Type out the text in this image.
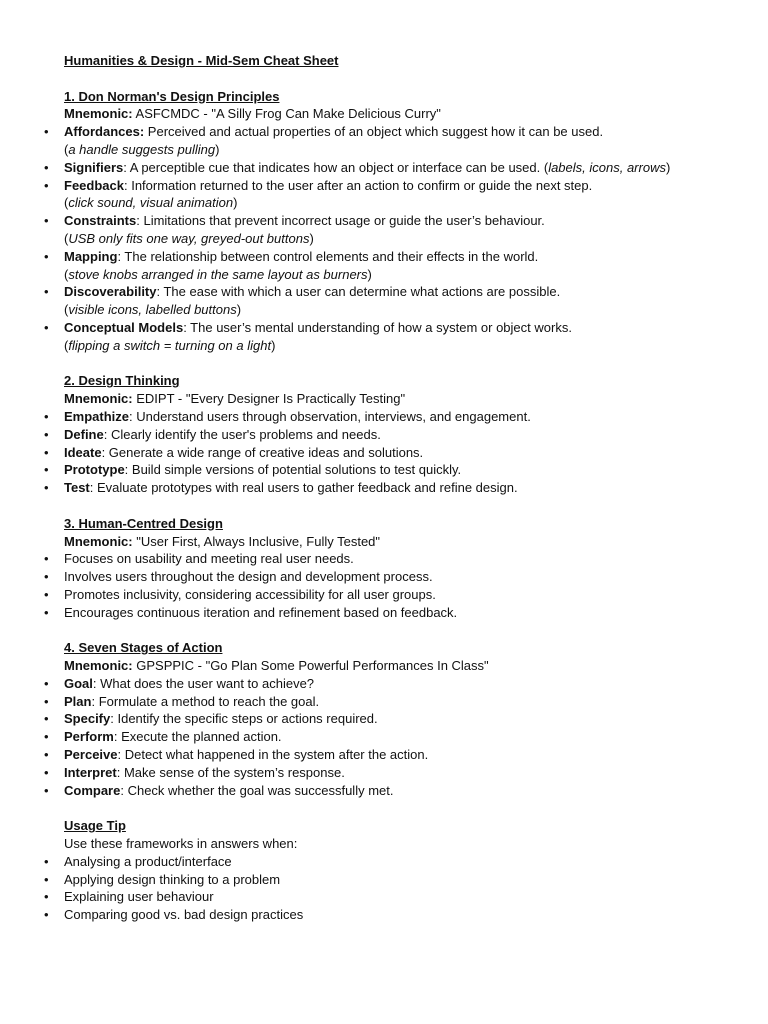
Humanities & Design - Mid-Sem Cheat Sheet
1. Don Norman's Design Principles
Mnemonic: ASFCMDC - "A Silly Frog Can Make Delicious Curry"
• Affordances: Perceived and actual properties of an object which suggest how it can be used.
(a handle suggests pulling)
• Signifiers: A perceptible cue that indicates how an object or interface can be used. (labels, icons, arrows)
• Feedback: Information returned to the user after an action to confirm or guide the next step.
(click sound, visual animation)
• Constraints: Limitations that prevent incorrect usage or guide the user’s behaviour.
(USB only fits one way, greyed-out buttons)
• Mapping: The relationship between control elements and their effects in the world.
(stove knobs arranged in the same layout as burners)
• Discoverability: The ease with which a user can determine what actions are possible.
(visible icons, labelled buttons)
• Conceptual Models: The user’s mental understanding of how a system or object works.
(flipping a switch = turning on a light)
2. Design Thinking
Mnemonic: EDIPT - "Every Designer Is Practically Testing"
• Empathize: Understand users through observation, interviews, and engagement.
• Define: Clearly identify the user's problems and needs.
• Ideate: Generate a wide range of creative ideas and solutions.
• Prototype: Build simple versions of potential solutions to test quickly.
• Test: Evaluate prototypes with real users to gather feedback and refine design.
3. Human-Centred Design
Mnemonic: "User First, Always Inclusive, Fully Tested"
• Focuses on usability and meeting real user needs.
• Involves users throughout the design and development process.
• Promotes inclusivity, considering accessibility for all user groups.
• Encourages continuous iteration and refinement based on feedback.
4. Seven Stages of Action
Mnemonic: GPSPPIC - "Go Plan Some Powerful Performances In Class"
• Goal: What does the user want to achieve?
• Plan: Formulate a method to reach the goal.
• Specify: Identify the specific steps or actions required.
• Perform: Execute the planned action.
• Perceive: Detect what happened in the system after the action.
• Interpret: Make sense of the system’s response.
• Compare: Check whether the goal was successfully met.
Usage Tip
Use these frameworks in answers when:
• Analysing a product/interface
• Applying design thinking to a problem
• Explaining user behaviour
• Comparing good vs. bad design practices
